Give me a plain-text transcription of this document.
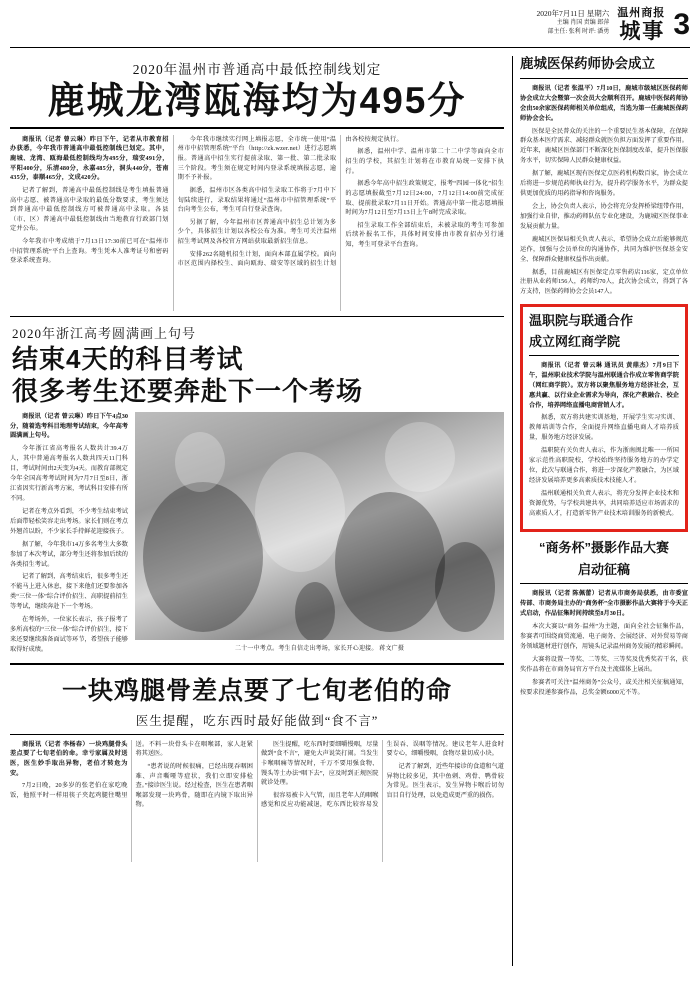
2020年7月11日 星期六
主编 肖国 责编 郎萍
部主任: 张利 时评: 潘勇
温州商报
城事 3
2020年温州市普通高中最低控制线划定
鹿城龙湾瓯海均为495分

商报讯（记者 曾云琳）昨日下午，记者从市教育招办获悉，今年我市普通高中最低控制线已划定。其中，鹿城、龙湾、瓯海最低控制线均为495分，瑞安491分，平阳400分，乐清480分，永嘉485分，洞头440分，苍南435分，泰顺465分，文成420分。

记者了解到，普通高中最低控制线是考生填报普通高中志愿、被普通高中录取的最低分数要求，考生须达到普通高中最低控制线方可被普通高中录取。各县（市、区）普通高中最低控制线由当地教育行政部门划定并公布。

今年我市中考成绩于7月13日17:30前已可在“温州市中招管理系统”平台上查询。考生凭本人准考证号和密码登录系统查询。

今年我市继续实行网上填报志愿，全市统一使用“温州市中招管理系统”平台（http://zk.wzer.net）进行志愿填报。普通高中招生实行提前录取、第一批、第二批录取三个阶段。考生须在规定时间内登录系统填报志愿，逾期不予补报。

据悉，温州市区各类高中招生录取工作将于7月中下旬陆续进行，录取结果将通过“温州市中招管理系统”平台向考生公布，考生可自行登录查询。

另据了解，今年温州市区普通高中招生总计划为多少个，具体招生计划以各校公布为准。考生可关注温州招生考试网及各校官方网站获取最新招生信息。

安排262名随机招生计划，面向本部直属学校。面向市区范围内择校生、面向瓯海、瑞安等区域的招生计划由各校按规定执行。

据悉，温州中学、温州市第二十二中学等面向全市招生的学校，其招生计划将在市教育局统一安排下执行。

据悉今年高中招生政策规定，报考“四园一体化”招生的志愿填报截至7月12日24:00，7月12日14:00前完成征取、提前批录取7月11日开始。普通高中第一批志愿填报时间为7月12日至7月13日上午8时完成录取。

招生录取工作全部结束后，未被录取的考生可参加后续补报名工作，具体时间安排由市教育招办另行通知，考生可登录平台查询。

2020年浙江高考圆满画上句号
结束4天的科目考试
很多考生还要奔赴下一个考场

商报讯（记者 曾云琳）昨日下午4点30分，随着选考科目地理考试结束，今年高考圆满画上句号。

今年浙江省高考报名人数共计39.4万人，其中普通高考报名人数共四天11门科目，考试时间由2天变为4天。而教育部规定今年全国高考考试时间为7月7日至8日，浙江省因实行新高考方案，考试科目安排有所不同。

记者在考点外看到，不少考生结束考试后面带轻松笑容走出考场。家长们则在考点外翘首以盼，不少家长手持鲜花迎接孩子。

据了解，今年我市14万多名考生大多数参加了本次考试，部分考生还将参加后续的各类招生考试。

记者了解到，高考结束后，很多考生还不能马上进入休息，接下来他们还要参加各类“三位一体”综合评价招生、高职提前招生等考试，继续奔赴下一个考场。

在考场外，一位家长表示，孩子报考了多所高校的“三位一体”综合评价招生，接下来还要继续准备面试等环节，希望孩子能够取得好成绩。	二十一中考点。考生自信走出考场，家长开心迎接。 蒋文广摄
一块鸡腿骨差点要了七旬老伯的命
医生提醒，吃东西时最好能做到“食不言”

商报讯（记者 李杨春）一块鸡腿骨头差点要了七旬老伯的命。幸亏家属及时送医，医生妙手取出异物，老伯才转危为安。

7月2日晚，20多岁的张老伯在家吃晚饭，他照平时一样用筷子夹起鸡腿往嘴里送。不料一块骨头卡在咽喉部，家人赶紧将其送医。

“患者说的时候很痛，已经出现吞咽困难、声音嘶哑等症状，我们立即安排检查。”接诊医生说。经过检查，医生在患者咽喉部发现一块鸡骨，随即在内镜下取出异物。

医生提醒，吃东西时要细嚼慢咽，尽量做到“食不言”，避免大声说笑打闹。当发生卡喉咽痛等情况时，千万不要用强食物、馒头等土办法“咽下去”，应及时到正规医院就诊处理。

很容易被卡入气管，而且老年人的咽喉感觉和反应功能减退，吃东西比较容易发生误吞、误咽等情况。建议老年人进食时要专心，细嚼慢咽，食物尽量切成小块。

记者了解到，近些年接诊的食道和气道异物比较多见，其中鱼刺、鸡骨、鸭骨较为常见。医生表示，发生异物卡喉后切勿盲目自行处理，以免造成更严重的损伤。

鹿城医保药师协会成立

商报讯（记者 张温平）7月10日，鹿城市级城区医保药师协会成立大会暨第一次会员大会顺利召开。鹿城中医保药师协会由50余家医保药师相关单位组成，当选为第一任鹿城医保药师协会会长。

医保是全民普众的关注的一个重要民生基本保障，在保障群众基本医疗需求、减轻群众就医负担方面发挥了重要作用。近年来，鹿城区医保部门不断深化医保制度改革，提升医保服务水平，切实保障人民群众健康权益。

据了解，鹿城区现有医保定点医药机构数百家，协会成立后将进一步规范药师执业行为，提升药学服务水平，为群众提供更加优质的用药指导和咨询服务。

会上，协会负责人表示，协会将充分发挥桥梁纽带作用，加强行业自律，推动药师队伍专业化建设，为鹿城区医保事业发展贡献力量。

鹿城区医保局相关负责人表示，希望协会成立后能够规范运作，加强与会员单位的沟通协作，共同为维护医保基金安全、保障群众健康权益作出贡献。

据悉，目前鹿城区有医保定点零售药店116家，定点单位注册从业药师156人，药师约70人，此次协会成立，得到了各方支持，医保药师协会会员147人。

温职院与联通合作
成立网红商学院

商报讯（记者 曾云琳 通讯员 黄鼎杰）7月9日下午，温州职业技术学院与温州联通合作成立零售商学院（网红商学院）。双方将以聚焦服务地方经济社会，互惠共赢、以行业企业需求为导向，深化产教融合、校企合作，培养网络直播电商营销人才。

据悉，双方将共建实训基地，开展学生实习实训、教师培训等合作，全面提升网络直播电商人才培养质量，服务地方经济发展。

温职院有关负责人表示，作为浙南闽北唯一一所国家示范性高职院校，学校始终坚持服务地方的办学定位，此次与联通合作，将进一步深化产教融合，为区域经济发展培养更多高素质技术技能人才。

温州联通相关负责人表示，将充分发挥企业技术和资源优势，与学校共建共享，共同培养适应市场需求的高素质人才，打造新零售产业技术培训服务的新模式。

“商务杯”摄影作品大赛
启动征稿

商报讯（记者 陈佩蕾）记者从市商务局获悉，由市委宣传部、市商务局主办的“商务杯”全市摄影作品大赛将于今天正式启动，作品征集时间持续至8月30日。

本次大赛以“商务·温州”为主题，面向全社会征集作品，参赛者可围绕商贸流通、电子商务、会展经济、对外贸易等商务领域题材进行创作，用镜头记录温州商务发展的精彩瞬间。

大赛将设置一等奖、二等奖、三等奖及优秀奖若干名，获奖作品将在市商务局官方平台及主流媒体上展出。

参赛者可关注“温州商务”公众号，或关注相关征稿通知，按要求投递参赛作品，总奖金额6000元不等。
